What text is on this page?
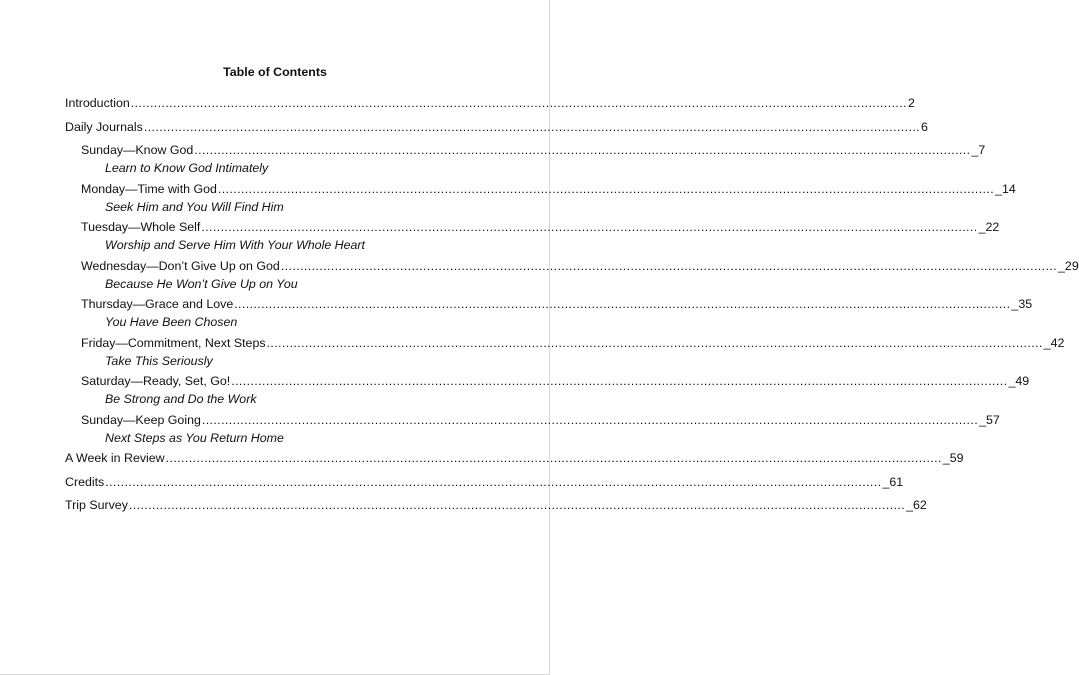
Table of Contents
Introduction .......................................................................................................................................................................................................... 2
Daily Journals .......................................................................................................................................................................................................... 6
Sunday—Know God .......................................................................................................................................................................................................... _7
Learn to Know God Intimately
Monday—Time with God .......................................................................................................................................................................................................... _14
Seek Him and You Will Find Him
Tuesday—Whole Self .......................................................................................................................................................................................................... _22
Worship and Serve Him With Your Whole Heart
Wednesday—Don’t Give Up on God .......................................................................................................................................................................................................... _29
Because He Won’t Give Up on You
Thursday—Grace and Love .......................................................................................................................................................................................................... _35
You Have Been Chosen
Friday—Commitment, Next Steps .......................................................................................................................................................................................................... _42
Take This Seriously
Saturday—Ready, Set, Go! .......................................................................................................................................................................................................... _49
Be Strong and Do the Work
Sunday—Keep Going .......................................................................................................................................................................................................... _57
Next Steps as You Return Home
A Week in Review .......................................................................................................................................................................................................... _59
Credits .......................................................................................................................................................................................................... _61
Trip Survey .......................................................................................................................................................................................................... _62
